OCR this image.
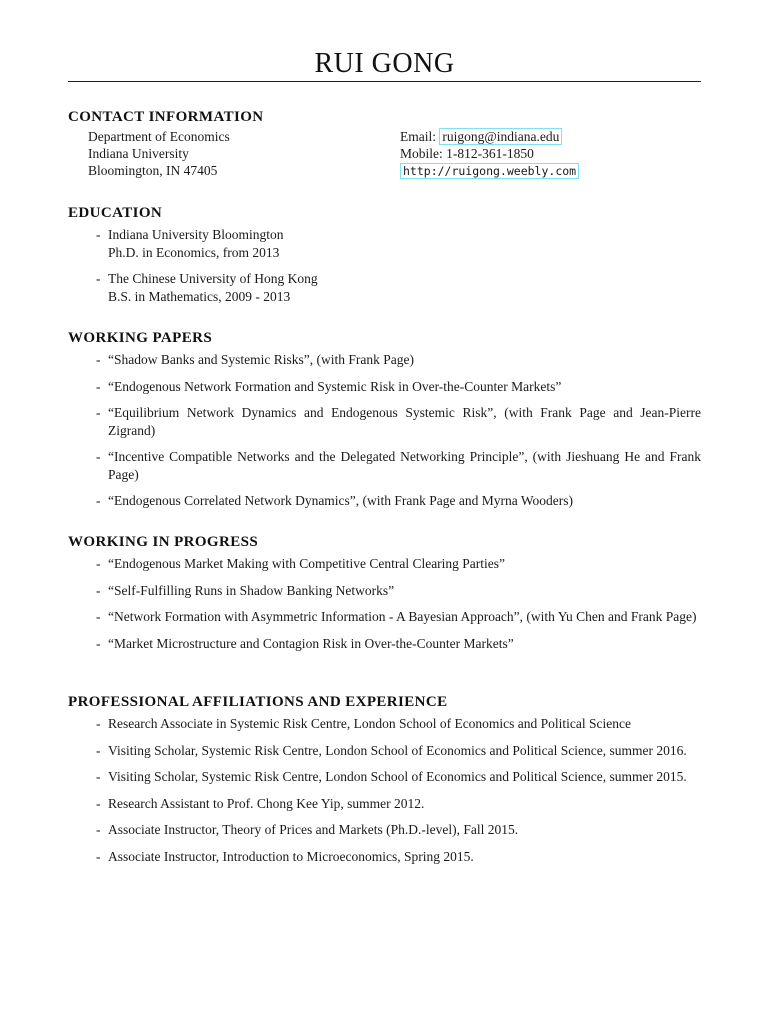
RUI GONG
CONTACT INFORMATION
Department of Economics
Indiana University
Bloomington, IN 47405
Email: ruigong@indiana.edu
Mobile: 1-812-361-1850
http://ruigong.weebly.com
EDUCATION
- Indiana University Bloomington
Ph.D. in Economics, from 2013
- The Chinese University of Hong Kong
B.S. in Mathematics, 2009 - 2013
WORKING PAPERS
- “Shadow Banks and Systemic Risks”, (with Frank Page)
- “Endogenous Network Formation and Systemic Risk in Over-the-Counter Markets”
- “Equilibrium Network Dynamics and Endogenous Systemic Risk”, (with Frank Page and Jean-Pierre Zigrand)
- “Incentive Compatible Networks and the Delegated Networking Principle”, (with Jieshuang He and Frank Page)
- “Endogenous Correlated Network Dynamics”, (with Frank Page and Myrna Wooders)
WORKING IN PROGRESS
- “Endogenous Market Making with Competitive Central Clearing Parties”
- “Self-Fulfilling Runs in Shadow Banking Networks”
- “Network Formation with Asymmetric Information - A Bayesian Approach”, (with Yu Chen and Frank Page)
- “Market Microstructure and Contagion Risk in Over-the-Counter Markets”
PROFESSIONAL AFFILIATIONS AND EXPERIENCE
- Research Associate in Systemic Risk Centre, London School of Economics and Political Science
- Visiting Scholar, Systemic Risk Centre, London School of Economics and Political Science, summer 2016.
- Visiting Scholar, Systemic Risk Centre, London School of Economics and Political Science, summer 2015.
- Research Assistant to Prof. Chong Kee Yip, summer 2012.
- Associate Instructor, Theory of Prices and Markets (Ph.D.-level), Fall 2015.
- Associate Instructor, Introduction to Microeconomics, Spring 2015.
